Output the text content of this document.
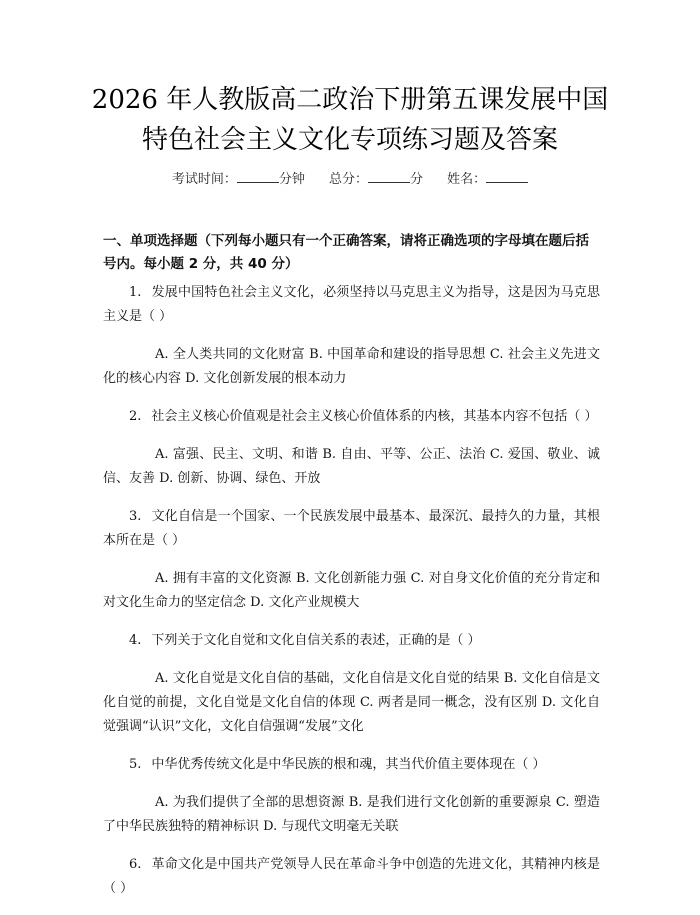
2026 年人教版高二政治下册第五课发展中国
特色社会主义文化专项练习题及答案
考试时间：	分钟 总分：	分 姓名：
一、单项选择题（下列每小题只有一个正确答案，请将正确选项的字母填在题后括号内。每小题 2 分，共 40 分）
1. 发展中国特色社会主义文化，必须坚持以马克思主义为指导，这是因为马克思主义是（ ）
A. 全人类共同的文化财富 B. 中国革命和建设的指导思想 C. 社会主义先进文化的核心内容 D. 文化创新发展的根本动力
2. 社会主义核心价值观是社会主义核心价值体系的内核，其基本内容不包括（ ）
A. 富强、民主、文明、和谐 B. 自由、平等、公正、法治 C. 爱国、敬业、诚信、友善 D. 创新、协调、绿色、开放
3. 文化自信是一个国家、一个民族发展中最基本、最深沉、最持久的力量，其根本所在是（ ）
A. 拥有丰富的文化资源 B. 文化创新能力强 C. 对自身文化价值的充分肯定和对文化生命力的坚定信念 D. 文化产业规模大
4. 下列关于文化自觉和文化自信关系的表述，正确的是（ ）
A. 文化自觉是文化自信的基础，文化自信是文化自觉的结果 B. 文化自信是文化自觉的前提，文化自觉是文化自信的体现 C. 两者是同一概念，没有区别 D. 文化自觉强调“认识”文化，文化自信强调“发展”文化
5. 中华优秀传统文化是中华民族的根和魂，其当代价值主要体现在（ ）
A. 为我们提供了全部的思想资源 B. 是我们进行文化创新的重要源泉 C. 塑造了中华民族独特的精神标识 D. 与现代文明毫无关联
6. 革命文化是中国共产党领导人民在革命斗争中创造的先进文化，其精神内核是（ ）
